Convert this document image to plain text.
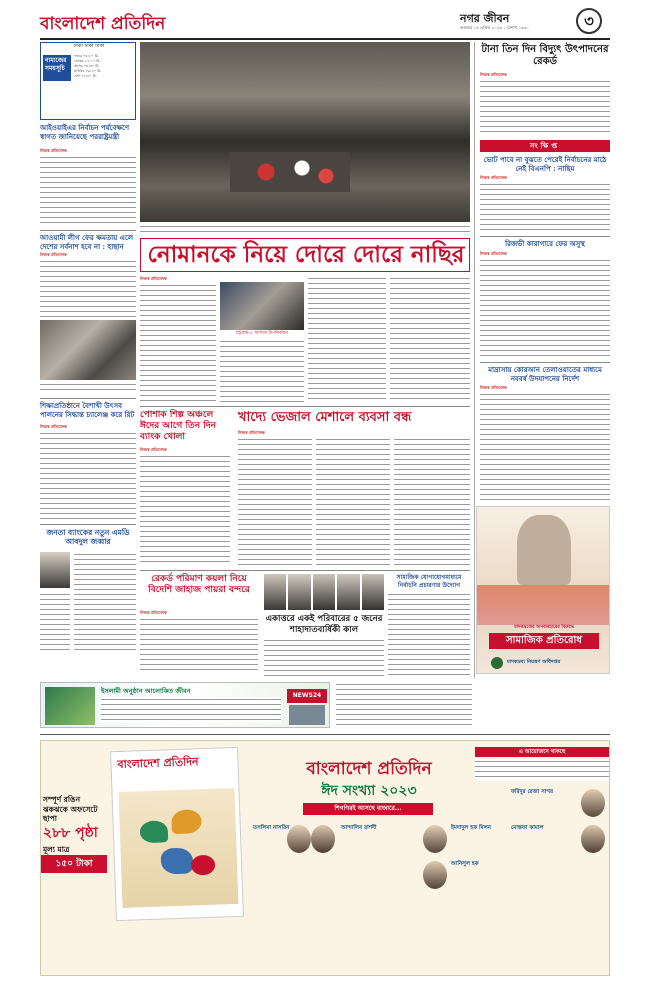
বাংলাদেশ প্রতিদিন	নগর জীবন
শুক্রবার ১৪ এপ্রিল ২০২৩ ১ বৈশাখ ১৪৩০	৩
ঢাকা ঢাকা ঢাকা
নামাজের সময়সূচি
ফজর ০৪:১০ মি.
জোহর ১২:১০ মি.
আসর ০৪:৩০ মি.
মাগরিব ০৬:২০ মি.
এশা ০৭:৪০ মি.
আইওয়াইএর নির্বাচন পর্যবেক্ষণে স্বাগত জানিয়েছে পররাষ্ট্রমন্ত্রী
নিজস্ব প্রতিবেদক
আওয়ামী লীগ ফের ক্ষমতায় এলে দেশের সর্বনাশ হবে না : হাছান
নিজস্ব প্রতিবেদক
শিক্ষাপ্রতিষ্ঠানে বৈশাখী উৎসব পালনের সিদ্ধান্ত চ্যালেঞ্জ করে রিট
নিজস্ব প্রতিবেদক
জনতা ব্যাংকের নতুন এমডি আবদুল জব্বার
নোমানকে নিয়ে দোরে দোরে নাছির
নিজস্ব প্রতিবেদক
চট্টগ্রাম-৮ আসনে উপনির্বাচন
পোশাক শিল্প অঞ্চলে ঈদের আগে তিন দিন ব্যাংক খোলা
নিজস্ব প্রতিবেদক
খাদ্যে ভেজাল মেশালে ব্যবসা বন্ধ
নিজস্ব প্রতিবেদক
রেকর্ড পরিমাণ কয়লা নিয়ে বিদেশি জাহাজ পায়রা বন্দরে
নিজস্ব প্রতিবেদক
একাত্তরে একই পরিবারের ৫ জনের শাহাদাতবার্ষিকী কাল
সামাজিক যোগাযোগমাধ্যমে নির্বাচনি প্রচারণার উদ্যোগ
টানা তিন দিন বিদ্যুৎ উৎপাদনের রেকর্ড
নিজস্ব প্রতিবেদক
সংক্ষিপ্ত
ভোট পাবে না বুঝতে পেরেই নির্বাচনের মাঠে নেই বিএনপি : নাছিম
নিজস্ব প্রতিবেদক
রিজভী কারাগারে ফের অসুস্থ
নিজস্ব প্রতিবেদক
মাদ্রাসায় কোরআন তেলাওয়াতের মাধ্যমে নববর্ষ উদযাপনের নির্দেশ
নিজস্ব প্রতিবেদক
মাদকদ্রব্যের অপব্যবহারের বিরুদ্ধে
সামাজিক প্রতিরোধ
মাদকদ্রব্য নিয়ন্ত্রণ অধিদপ্তর
ইসলামী অনুষ্ঠান আলোকিত জীবন
NEWS24
সম্পূর্ণ রঙিন ঝকঝকে অফসেটে ছাপা
২৮৮ পৃষ্ঠা
মূল্য মাত্র
১৫০ টাকা
বাংলাদেশ প্রতিদিন	বাংলাদেশ প্রতিদিন
ঈদ সংখ্যা ২০২৩
শিগগিরই আসছে বাজারে...
এ আয়োজনে থাকছে
ফরিদুর রেজা সাগর
মোস্তফা কামাল
ইমদাদুল হক মিলন
আন্দালিব রাশদী
তসলিমা নাসরিন
আনিসুল হক
